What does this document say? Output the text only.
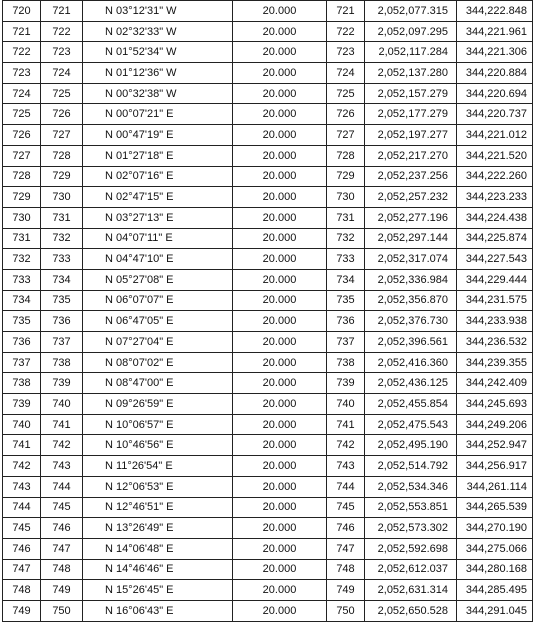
720	721	N 03°12'31" W	20.000	721	2,052,077.315	344,222.848
721	722	N 02°32'33" W	20.000	722	2,052,097.295	344,221.961
722	723	N 01°52'34" W	20.000	723	2,052,117.284	344,221.306
723	724	N 01°12'36" W	20.000	724	2,052,137.280	344,220.884
724	725	N 00°32'38" W	20.000	725	2,052,157.279	344,220.694
725	726	N 00°07'21" E	20.000	726	2,052,177.279	344,220.737
726	727	N 00°47'19" E	20.000	727	2,052,197.277	344,221.012
727	728	N 01°27'18" E	20.000	728	2,052,217.270	344,221.520
728	729	N 02°07'16" E	20.000	729	2,052,237.256	344,222.260
729	730	N 02°47'15" E	20.000	730	2,052,257.232	344,223.233
730	731	N 03°27'13" E	20.000	731	2,052,277.196	344,224.438
731	732	N 04°07'11" E	20.000	732	2,052,297.144	344,225.874
732	733	N 04°47'10" E	20.000	733	2,052,317.074	344,227.543
733	734	N 05°27'08" E	20.000	734	2,052,336.984	344,229.444
734	735	N 06°07'07" E	20.000	735	2,052,356.870	344,231.575
735	736	N 06°47'05" E	20.000	736	2,052,376.730	344,233.938
736	737	N 07°27'04" E	20.000	737	2,052,396.561	344,236.532
737	738	N 08°07'02" E	20.000	738	2,052,416.360	344,239.355
738	739	N 08°47'00" E	20.000	739	2,052,436.125	344,242.409
739	740	N 09°26'59" E	20.000	740	2,052,455.854	344,245.693
740	741	N 10°06'57" E	20.000	741	2,052,475.543	344,249.206
741	742	N 10°46'56" E	20.000	742	2,052,495.190	344,252.947
742	743	N 11°26'54" E	20.000	743	2,052,514.792	344,256.917
743	744	N 12°06'53" E	20.000	744	2,052,534.346	344,261.114
744	745	N 12°46'51" E	20.000	745	2,052,553.851	344,265.539
745	746	N 13°26'49" E	20.000	746	2,052,573.302	344,270.190
746	747	N 14°06'48" E	20.000	747	2,052,592.698	344,275.066
747	748	N 14°46'46" E	20.000	748	2,052,612.037	344,280.168
748	749	N 15°26'45" E	20.000	749	2,052,631.314	344,285.495
749	750	N 16°06'43" E	20.000	750	2,052,650.528	344,291.045
